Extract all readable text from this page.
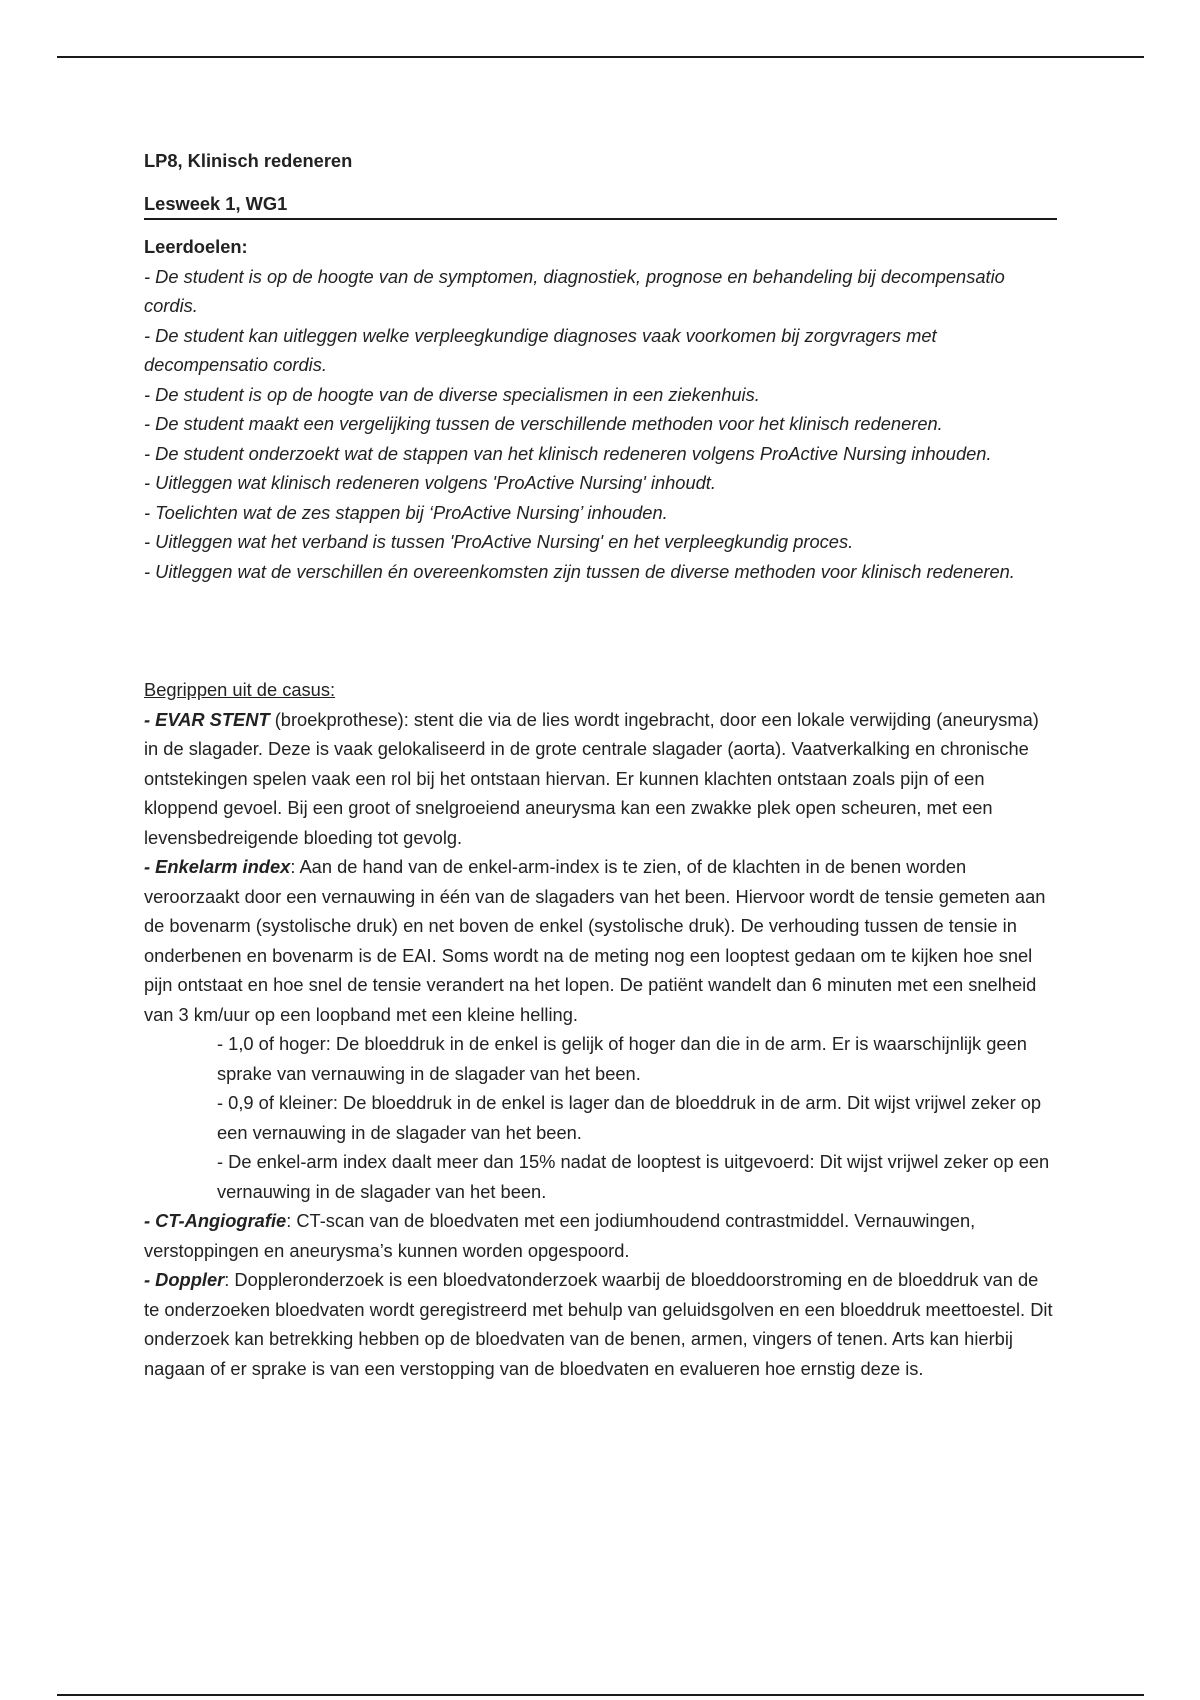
LP8, Klinisch redeneren
Lesweek 1, WG1
Leerdoelen:
- De student is op de hoogte van de symptomen, diagnostiek, prognose en behandeling bij decompensatio cordis.
- De student kan uitleggen welke verpleegkundige diagnoses vaak voorkomen bij zorgvragers met decompensatio cordis.
- De student is op de hoogte van de diverse specialismen in een ziekenhuis.
- De student maakt een vergelijking tussen de verschillende methoden voor het klinisch redeneren.
- De student onderzoekt wat de stappen van het klinisch redeneren volgens ProActive Nursing inhouden.
- Uitleggen wat klinisch redeneren volgens 'ProActive Nursing' inhoudt.
- Toelichten wat de zes stappen bij ‘ProActive Nursing’ inhouden.
- Uitleggen wat het verband is tussen 'ProActive Nursing' en het verpleegkundig proces.
- Uitleggen wat de verschillen én overeenkomsten zijn tussen de diverse methoden voor klinisch redeneren.
Begrippen uit de casus:
- EVAR STENT (broekprothese): stent die via de lies wordt ingebracht, door een lokale verwijding (aneurysma) in de slagader. Deze is vaak gelokaliseerd in de grote centrale slagader (aorta). Vaatverkalking en chronische ontstekingen spelen vaak een rol bij het ontstaan hiervan. Er kunnen klachten ontstaan zoals pijn of een kloppend gevoel. Bij een groot of snelgroeiend aneurysma kan een zwakke plek open scheuren, met een levensbedreigende bloeding tot gevolg.
- Enkelarm index: Aan de hand van de enkel-arm-index is te zien, of de klachten in de benen worden veroorzaakt door een vernauwing in één van de slagaders van het been. Hiervoor wordt de tensie gemeten aan de bovenarm (systolische druk) en net boven de enkel (systolische druk). De verhouding tussen de tensie in onderbenen en bovenarm is de EAI. Soms wordt na de meting nog een looptest gedaan om te kijken hoe snel pijn ontstaat en hoe snel de tensie verandert na het lopen. De patiënt wandelt dan 6 minuten met een snelheid van 3 km/uur op een loopband met een kleine helling.
- 1,0 of hoger: De bloeddruk in de enkel is gelijk of hoger dan die in de arm. Er is waarschijnlijk geen sprake van vernauwing in de slagader van het been.
- 0,9 of kleiner: De bloeddruk in de enkel is lager dan de bloeddruk in de arm. Dit wijst vrijwel zeker op een vernauwing in de slagader van het been.
- De enkel-arm index daalt meer dan 15% nadat de looptest is uitgevoerd: Dit wijst vrijwel zeker op een vernauwing in de slagader van het been.
- CT-Angiografie: CT-scan van de bloedvaten met een jodiumhoudend contrastmiddel. Vernauwingen, verstoppingen en aneurysma’s kunnen worden opgespoord.
- Doppler: Doppleronderzoek is een bloedvatonderzoek waarbij de bloeddoorstroming en de bloeddruk van de te onderzoeken bloedvaten wordt geregistreerd met behulp van geluidsgolven en een bloeddruk meettoestel. Dit onderzoek kan betrekking hebben op de bloedvaten van de benen, armen, vingers of tenen. Arts kan hierbij nagaan of er sprake is van een verstopping van de bloedvaten en evalueren hoe ernstig deze is.
